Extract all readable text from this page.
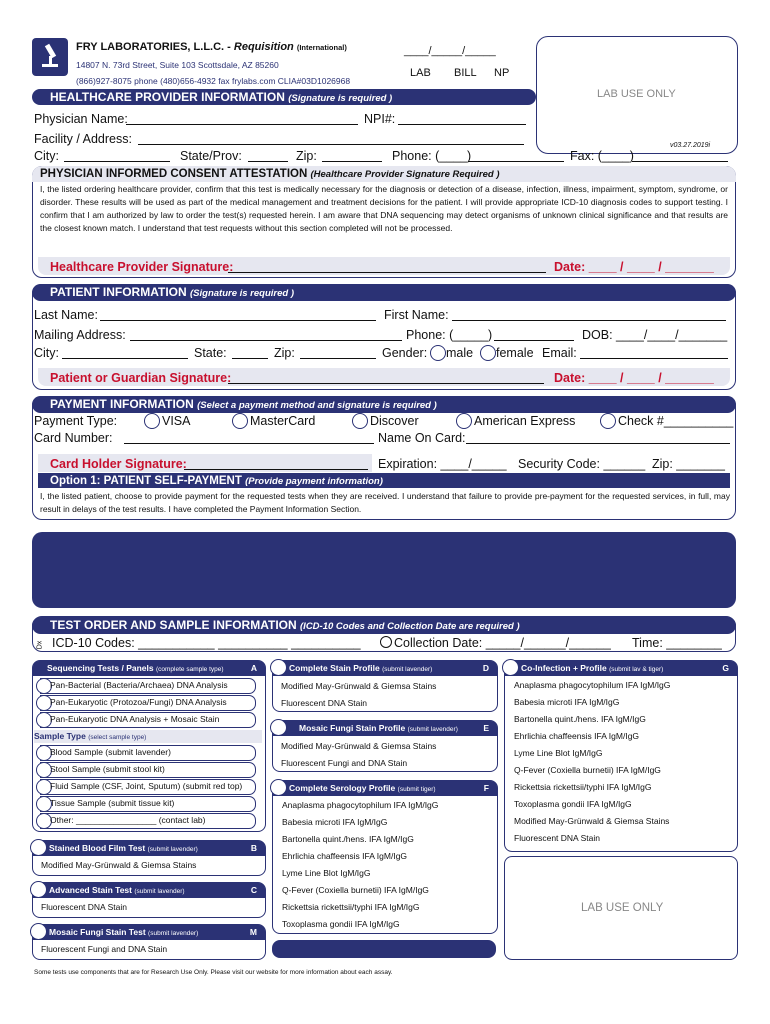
FRY LABORATORIES, L.L.C. - Requisition (International)
14807 N. 73rd Street, Suite 103 Scottsdale, AZ 85260
(866)927-8075 phone (480)656-4932 fax frylabs.com CLIA#03D1026968
____/_____/_____
LAB BILL NP
LAB USE ONLY
v03.27.2019i
HEALTHCARE PROVIDER INFORMATION (Signature is required )
Physician Name:	NPI#:
Facility / Address:
City:	State/Prov:	Zip:	Phone: (____)	Fax: (____)
PHYSICIAN INFORMED CONSENT ATTESTATION (Healthcare Provider Signature Required )
I, the listed ordering healthcare provider, confirm that this test is medically necessary for the diagnosis or detection of a disease, infection, illness, impairment, symptom, syndrome, or disorder. These results will be used as part of the medical management and treatment decisions for the patient. I will provide appropriate ICD-10 diagnosis codes to support testing. I confirm that I am authorized by law to order the test(s) requested herein. I am aware that DNA sequencing may detect organisms of unknown clinical significance and that results are the closest known match. I understand that test requests without this section completed will not be processed.
Healthcare Provider Signature:	Date: ____ / ____ / _______
PATIENT INFORMATION (Signature is required )
Last Name:	First Name:
Mailing Address:	Phone: (_____)	DOB: ____/____/_______
City:	State:	Zip:	Gender: male female Email:
Patient or Guardian Signature:	Date: ____ / ____ / _______
PAYMENT INFORMATION (Select a payment method and signature is required )
Payment Type:	VISA	MasterCard	Discover	American Express	Check #__________
Card Number:	Name On Card:
Card Holder Signature:	Expiration: ____/_____ Security Code: ______ Zip: _______
Option 1: PATIENT SELF-PAYMENT (Provide payment information)
I, the listed patient, choose to provide payment for the requested tests when they are received. I understand that failure to provide pre-payment for the requested services, in full, may result in delays of the test results. I have completed the Payment Information Section.
TEST ORDER AND SAMPLE INFORMATION (ICD-10 Codes and Collection Date are required )
Dx ICD-10 Codes: ___________ __________ __________	Collection Date: _____/______/______ Time: ________
Sequencing Tests / Panels (complete sample type)	A
Pan-Bacterial (Bacteria/Archaea) DNA Analysis
Pan-Eukaryotic (Protozoa/Fungi) DNA Analysis
Pan-Eukaryotic DNA Analysis + Mosaic Stain
Sample Type (select sample type)
Blood Sample (submit lavender)
Stool Sample (submit stool kit)
Fluid Sample (CSF, Joint, Sputum) (submit red top)
Tissue Sample (submit tissue kit)
Other: _________________ (contact lab)
Stained Blood Film Test (submit lavender)	B
Modified May-Grünwald & Giemsa Stains
Advanced Stain Test (submit lavender)	C
Fluorescent DNA Stain
Mosaic Fungi Stain Test (submit lavender)	M
Fluorescent Fungi and DNA Stain
Complete Stain Profile (submit lavender)	D
Modified May-Grünwald & Giemsa Stains
Fluorescent DNA Stain
Mosaic Fungi Stain Profile (submit lavender)	E
Modified May-Grünwald & Giemsa Stains
Fluorescent Fungi and DNA Stain
Complete Serology Profile (submit tiger)	F
Anaplasma phagocytophilum IFA IgM/IgG
Babesia microti IFA IgM/IgG
Bartonella quint./hens. IFA IgM/IgG
Ehrlichia chaffeensis IFA IgM/IgG
Lyme Line Blot IgM/IgG
Q-Fever (Coxiella burnetii) IFA IgM/IgG
Rickettsia rickettsii/typhi IFA IgM/IgG
Toxoplasma gondii IFA IgM/IgG
Co-Infection + Profile (submit lav & tiger)	G
Anaplasma phagocytophilum IFA IgM/IgG
Babesia microti IFA IgM/IgG
Bartonella quint./hens. IFA IgM/IgG
Ehrlichia chaffeensis IFA IgM/IgG
Lyme Line Blot IgM/IgG
Q-Fever (Coxiella burnetii) IFA IgM/IgG
Rickettsia rickettsii/typhi IFA IgM/IgG
Toxoplasma gondii IFA IgM/IgG
Modified May-Grünwald & Giemsa Stains
Fluorescent DNA Stain
LAB USE ONLY
Some tests use components that are for Research Use Only. Please visit our website for more information about each assay.
